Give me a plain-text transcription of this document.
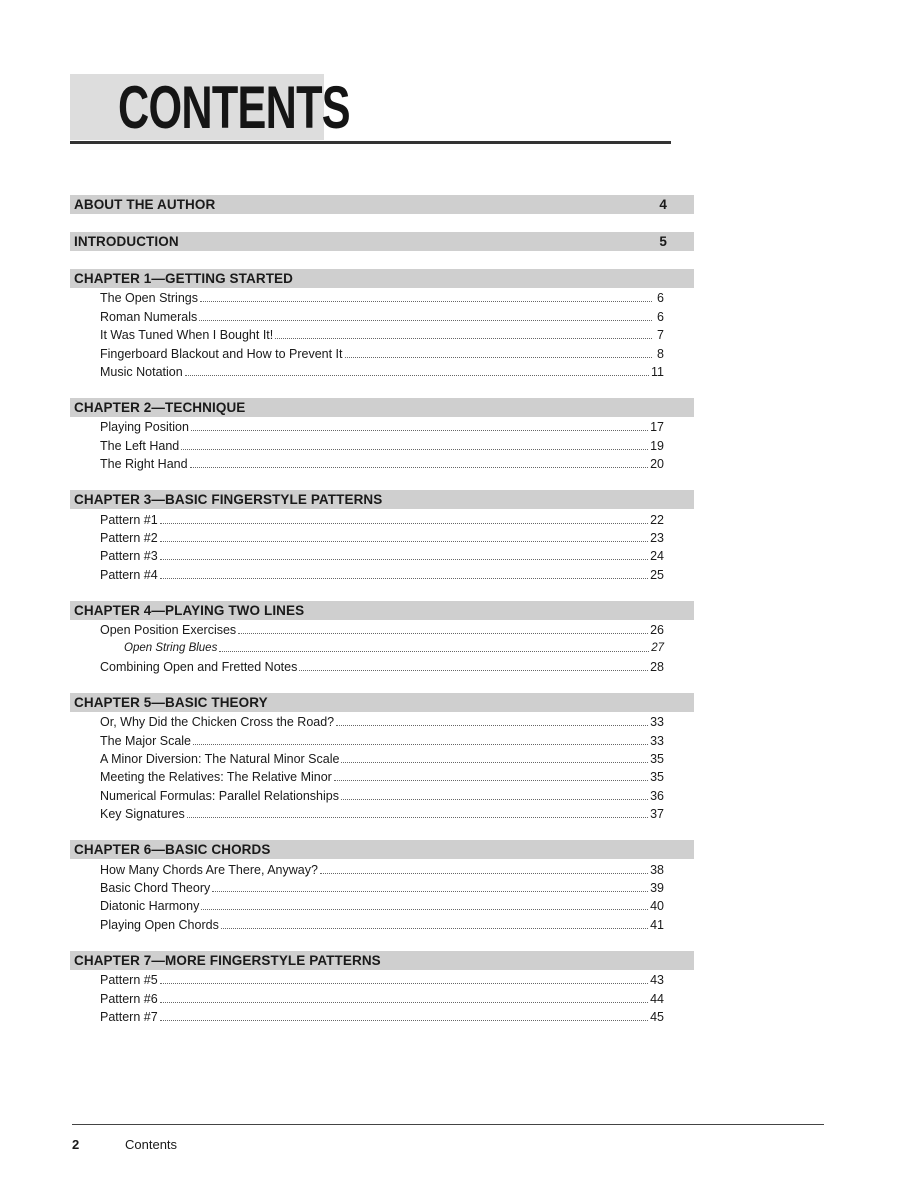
CONTENTS
ABOUT THE AUTHOR	4
INTRODUCTION	5
CHAPTER 1—GETTING STARTED
The Open Strings	6
Roman Numerals	6
It Was Tuned When I Bought It!	7
Fingerboard Blackout and How to Prevent It	8
Music Notation	11
CHAPTER 2—TECHNIQUE
Playing Position	17
The Left Hand	19
The Right Hand	20
CHAPTER 3—BASIC FINGERSTYLE PATTERNS
Pattern #1	22
Pattern #2	23
Pattern #3	24
Pattern #4	25
CHAPTER 4—PLAYING TWO LINES
Open Position Exercises	26
Open String Blues	27
Combining Open and Fretted Notes	28
CHAPTER 5—BASIC THEORY
Or, Why Did the Chicken Cross the Road?	33
The Major Scale	33
A Minor Diversion: The Natural Minor Scale	35
Meeting the Relatives: The Relative Minor	35
Numerical Formulas: Parallel Relationships	36
Key Signatures	37
CHAPTER 6—BASIC CHORDS
How Many Chords Are There, Anyway?	38
Basic Chord Theory	39
Diatonic Harmony	40
Playing Open Chords	41
CHAPTER 7—MORE FINGERSTYLE PATTERNS
Pattern #5	43
Pattern #6	44
Pattern #7	45
2	Contents
